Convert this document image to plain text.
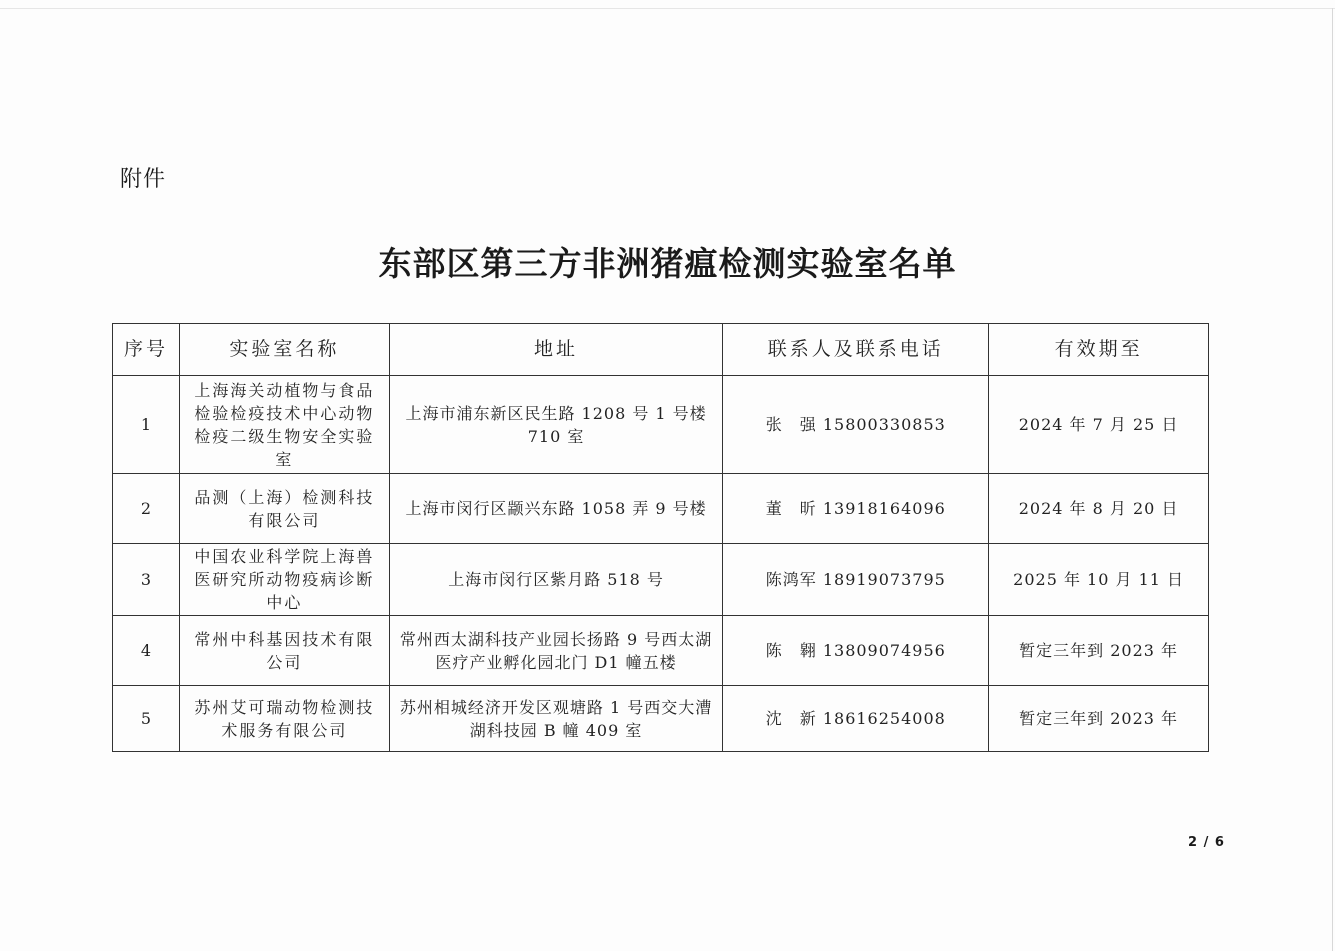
附件
东部区第三方非洲猪瘟检测实验室名单
序号	实验室名称	地址	联系人及联系电话	有效期至
1	上海海关动植物与食品检验检疫技术中心动物检疫二级生物安全实验室	上海市浦东新区民生路 1208 号 1 号楼 710 室	张　强 15800330853	2024 年 7 月 25 日
2	品测（上海）检测科技有限公司	上海市闵行区颛兴东路 1058 弄 9 号楼	董　昕 13918164096	2024 年 8 月 20 日
3	中国农业科学院上海兽医研究所动物疫病诊断中心	上海市闵行区紫月路 518 号	陈鸿军 18919073795	2025 年 10 月 11 日
4	常州中科基因技术有限公司	常州西太湖科技产业园长扬路 9 号西太湖医疗产业孵化园北门 D1 幢五楼	陈　翱 13809074956	暂定三年到 2023 年
5	苏州艾可瑞动物检测技术服务有限公司	苏州相城经济开发区观塘路 1 号西交大漕湖科技园 B 幢 409 室	沈　新 18616254008	暂定三年到 2023 年
2 / 6
